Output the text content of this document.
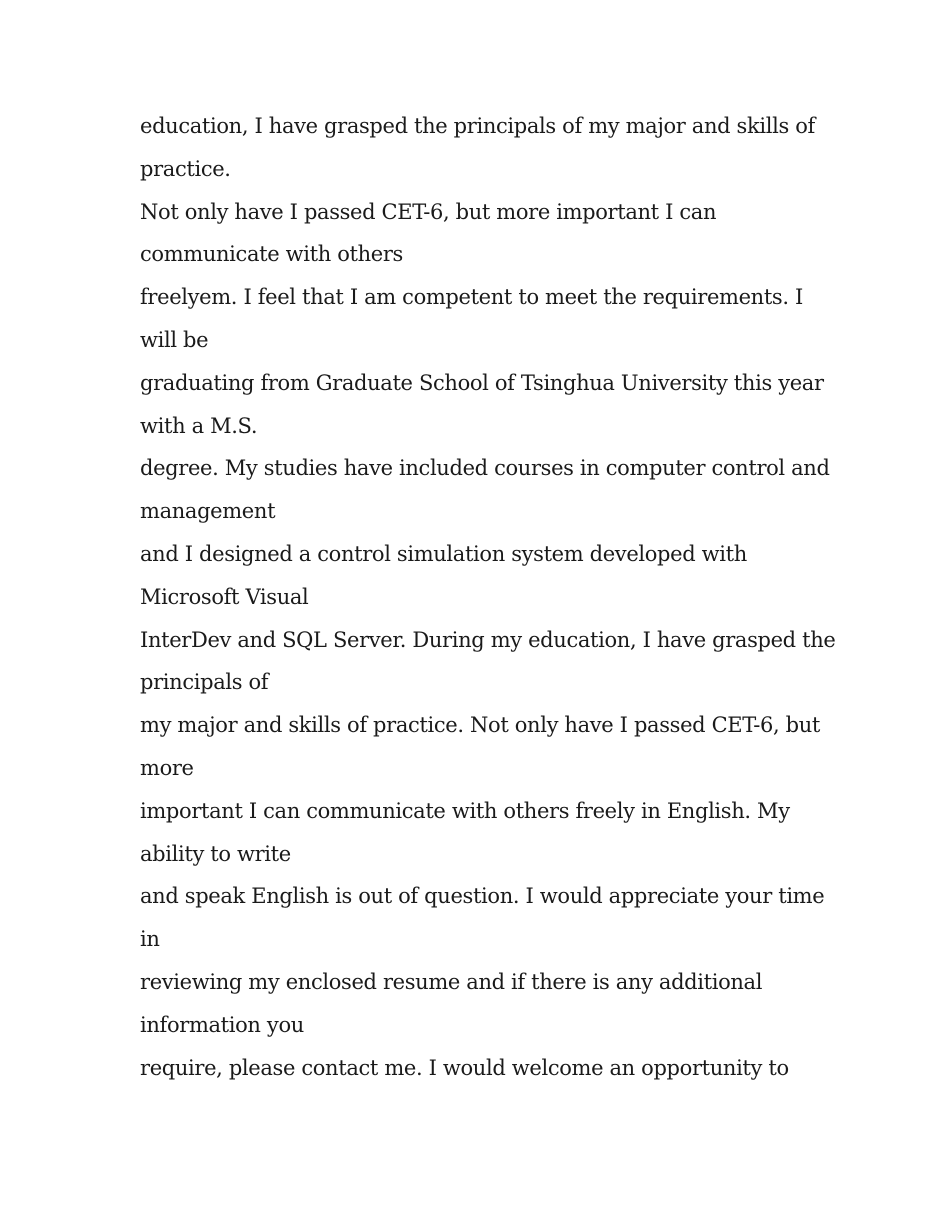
education, I have grasped the principals of my major and skills of
practice.
Not only have I passed CET-6, but more important I can
communicate with others
freelyem. I feel that I am competent to meet the requirements. I
will be
graduating from Graduate School of Tsinghua University this year
with a M.S.
degree. My studies have included courses in computer control and
management
and I designed a control simulation system developed with
Microsoft Visual
InterDev and SQL Server. During my education, I have grasped the
principals of
my major and skills of practice. Not only have I passed CET-6, but
more
important I can communicate with others freely in English. My
ability to write
and speak English is out of question. I would appreciate your time
in
reviewing my enclosed resume and if there is any additional
information you
require, please contact me. I would welcome an opportunity to
